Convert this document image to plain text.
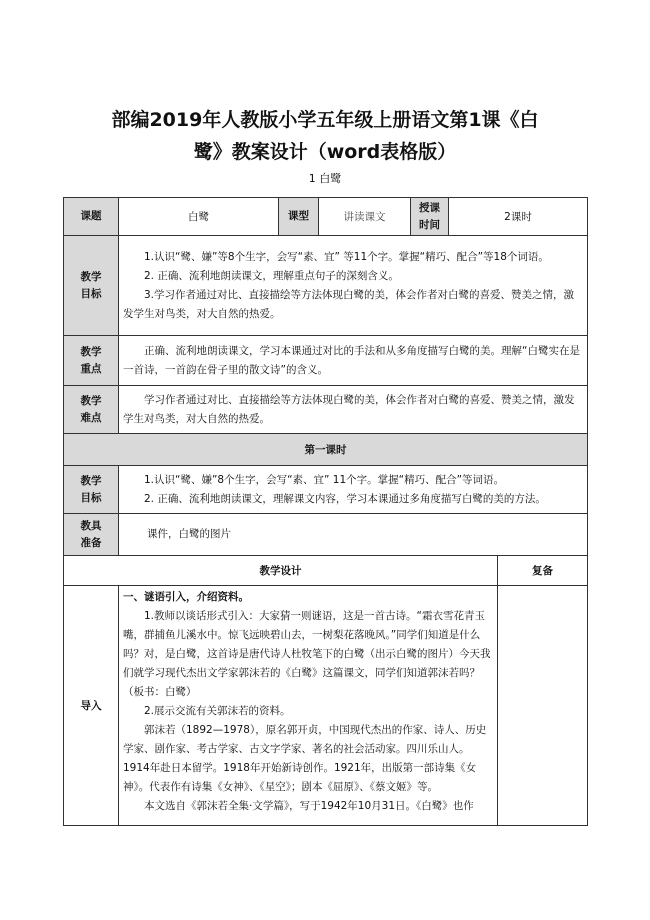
部编2019年人教版小学五年级上册语文第1课《白
鹭》教案设计（word表格版）
1 白鹭
课题	白鹭	课型	讲读课文	授课时间	2课时	
教学目标	1.认识“鹭、嫌”等8个生字，会写“素、宜” 等11个字。掌握“精巧、配合”等18个词语。

2. 正确、流利地朗读课文，理解重点句子的深刻含义。

3.学习作者通过对比、直接描绘等方法体现白鹭的美，体会作者对白鹭的喜爱、赞美之情，激发学生对鸟类，对大自然的热爱。					

教学重点	正确、流利地朗读课文，学习本课通过对比的手法和从多角度描写白鹭的美。理解“白鹭实在是一首诗，一首韵在骨子里的散文诗”的含义。					

教学难点	学习作者通过对比、直接描绘等方法体现白鹭的美，体会作者对白鹭的喜爱、赞美之情，激发学生对鸟类，对大自然的热爱。					

第一课时						
教学目标	1.认识“鹭、嫌”8个生字，会写“素、宜” 11个字。掌握“精巧、配合”等词语。

2. 正确、流利地朗读课文，理解课文内容，学习本课通过多角度描写白鹭的美的方法。					

教具准备	课件，白鹭的图片					

教学设计						复备
导入	一、谜语引入，介绍资料。

1.教师以谈话形式引入：大家猜一则谜语，这是一首古诗。“霜衣雪花青玉嘴，群捕鱼儿溪水中。惊飞远映碧山去，一树梨花落晚风。”同学们知道是什么吗？对，是白鹭，这首诗是唐代诗人杜牧笔下的白鹭（出示白鹭的图片）今天我们就学习现代杰出文学家郭沫若的《白鹭》这篇课文，同学们知道郭沫若吗？（板书：白鹭）

2.展示交流有关郭沫若的资料。

郭沫若（1892—1978），原名郭开贞，中国现代杰出的作家、诗人、历史学家、剧作家、考古学家、古文字学家、著名的社会活动家。四川乐山人。1914年赴日本留学。1918年开始新诗创作。1921年，出版第一部诗集《女神》。代表作有诗集《女神》、《星空》；剧本《屈原》、《蔡文姬》等。

本文选自《郭沫若全集·文学篇》，写于1942年10月31日。《白鹭》也作					
